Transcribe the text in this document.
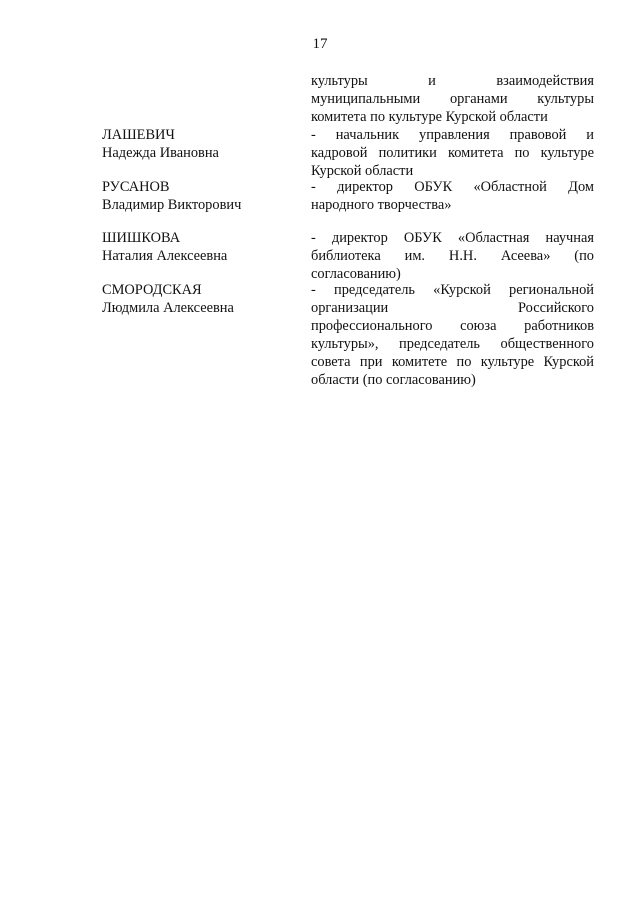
17
культуры и взаимодействия
муниципальными органами культуры
комитета по культуре Курской области
ЛАШЕВИЧ
Надежда Ивановна
- начальник управления правовой и
кадровой политики комитета по культуре
Курской области
РУСАНОВ
Владимир Викторович
- директор ОБУК «Областной Дом
народного творчества»
ШИШКОВА
Наталия Алексеевна
- директор ОБУК «Областная научная
библиотека им. Н.Н. Асеева» (по
согласованию)
СМОРОДСКАЯ
Людмила Алексеевна
- председатель «Курской региональной
организации Российского
профессионального союза работников
культуры», председатель общественного
совета при комитете по культуре Курской
области (по согласованию)
